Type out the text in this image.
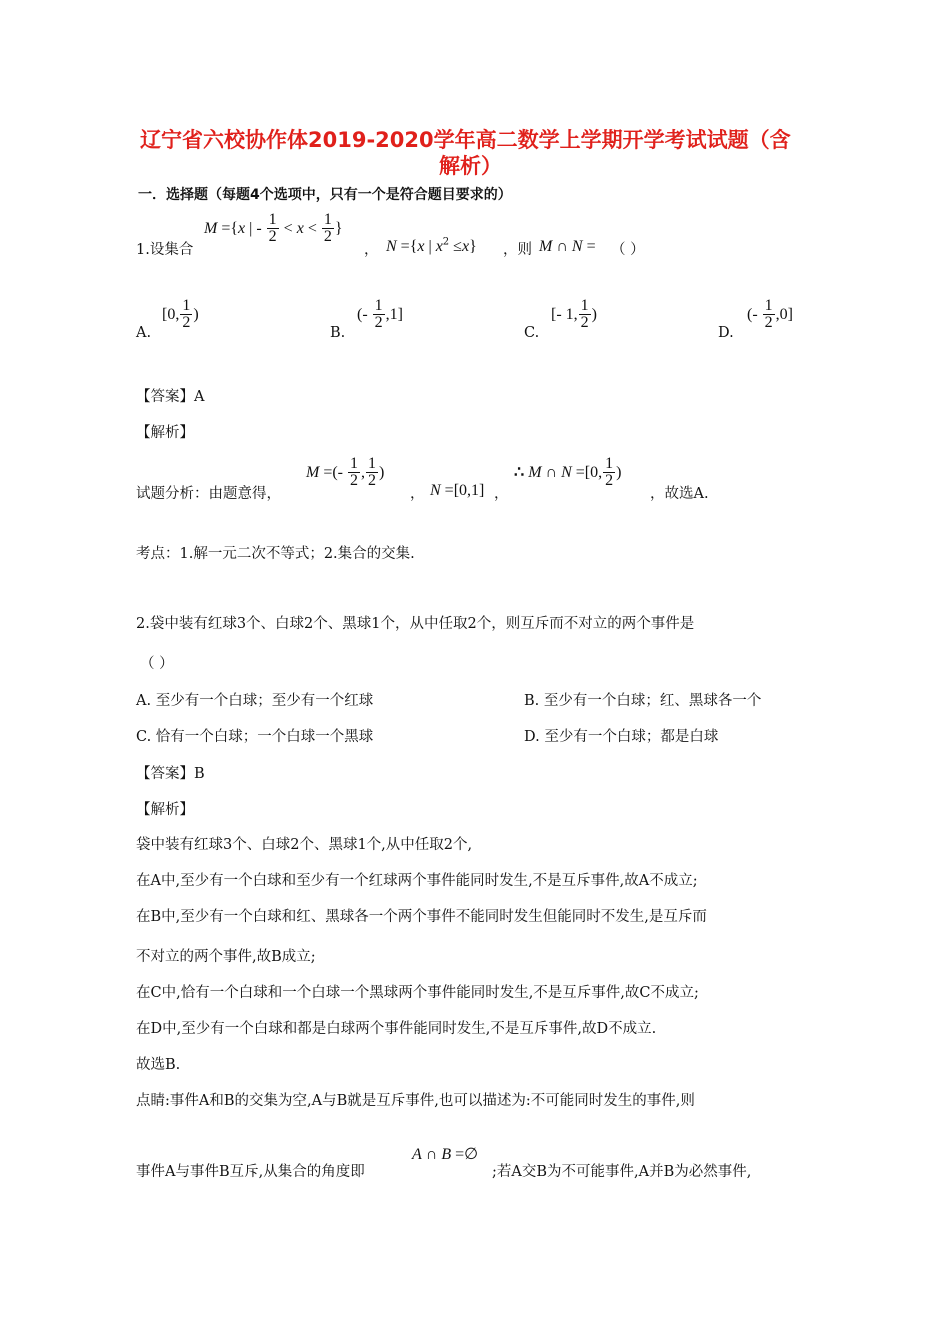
辽宁省六校协作体2019-2020学年高二数学上学期开学考试试题（含
解析）
一．选择题（每题4个选项中，只有一个是符合题目要求的）
1.设集合
M ={x | - $\frac{1}{2} < x < \frac{1}{2}$ }
， N ={x | $x^2 \le x$} ，则 M ∩ N = （ ）
A.
[0, $\frac{1}{2}$ )
B.
(- $\frac{1}{2} ,1$]
C.
[- 1, $\frac{1}{2}$ )
D.
(- $\frac{1}{2} ,0$]
【答案】A
【解析】
试题分析：由题意得，
M =(- $\frac{1}{2}$ , $\frac{1}{2}$ )
， N =[0,1] ，
∴ M ∩ N =[0, $\frac{1}{2}$ )
，故选A.
考点：1.解一元二次不等式；2.集合的交集.
2.袋中装有红球3个、白球2个、黑球1个，从中任取2个，则互斥而不对立的两个事件是
（ ）
A. 至少有一个白球；至少有一个红球	B. 至少有一个白球；红、黑球各一个
C. 恰有一个白球；一个白球一个黑球	D. 至少有一个白球；都是白球
【答案】B
【解析】
袋中装有红球3个、白球2个、黑球1个,从中任取2个,
在A中,至少有一个白球和至少有一个红球两个事件能同时发生,不是互斥事件,故A不成立;
在B中,至少有一个白球和红、黑球各一个两个事件不能同时发生但能同时不发生,是互斥而
不对立的两个事件,故B成立;
在C中,恰有一个白球和一个白球一个黑球两个事件能同时发生,不是互斥事件,故C不成立;
在D中,至少有一个白球和都是白球两个事件能同时发生,不是互斥事件,故D不成立.
故选B.
点睛:事件A和B的交集为空,A与B就是互斥事件,也可以描述为:不可能同时发生的事件,则
事件A与事件B互斥,从集合的角度即
A ∩ B =∅
;若A交B为不可能事件,A并B为必然事件,
